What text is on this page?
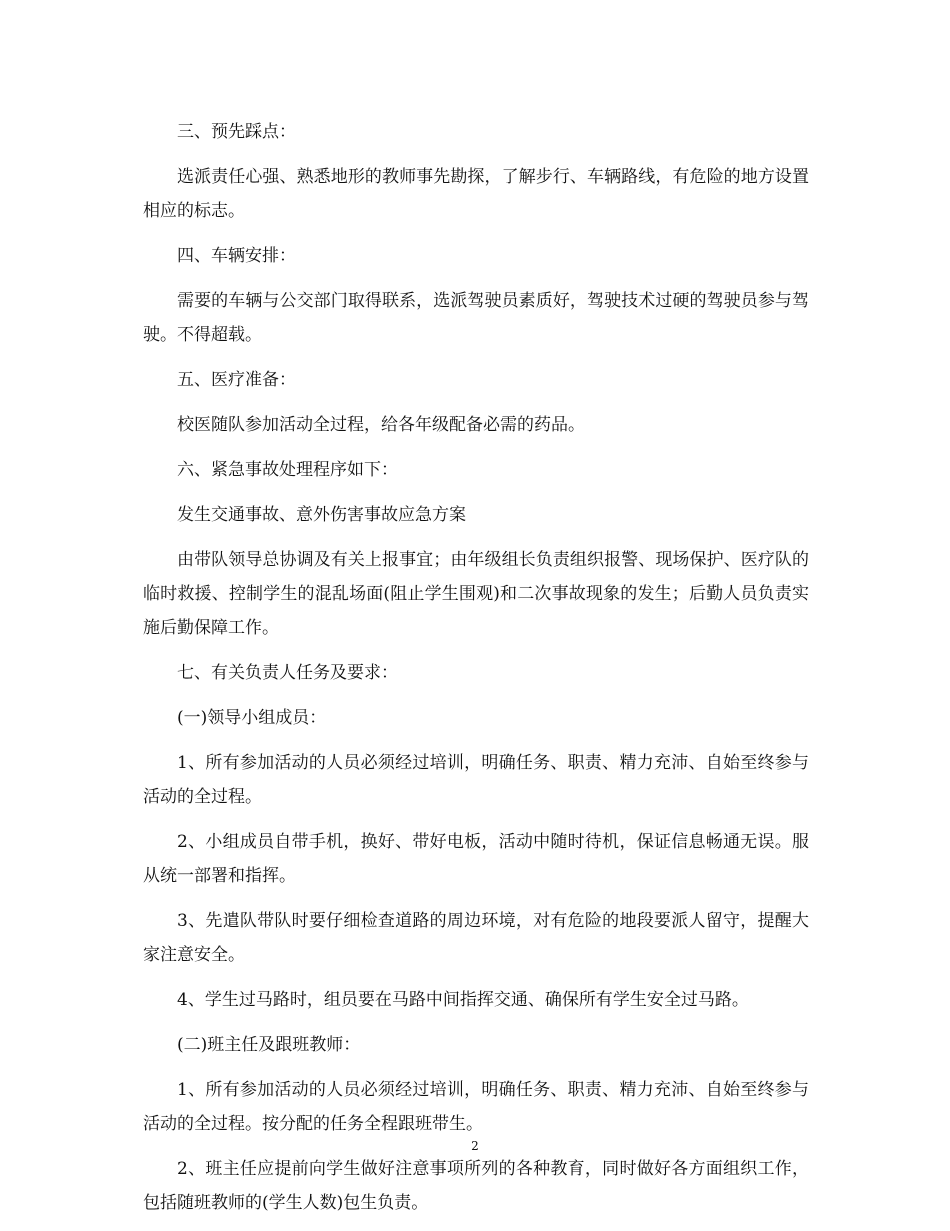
三、预先踩点：

选派责任心强、熟悉地形的教师事先勘探，了解步行、车辆路线，有危险的地方设置相应的标志。

四、车辆安排：

需要的车辆与公交部门取得联系，选派驾驶员素质好，驾驶技术过硬的驾驶员参与驾驶。不得超载。

五、医疗准备：

校医随队参加活动全过程，给各年级配备必需的药品。

六、紧急事故处理程序如下：

发生交通事故、意外伤害事故应急方案

由带队领导总协调及有关上报事宜；由年级组长负责组织报警、现场保护、医疗队的临时救援、控制学生的混乱场面(阻止学生围观)和二次事故现象的发生；后勤人员负责实施后勤保障工作。

七、有关负责人任务及要求：

(一)领导小组成员：

1、所有参加活动的人员必须经过培训，明确任务、职责、精力充沛、自始至终参与活动的全过程。

2、小组成员自带手机，换好、带好电板，活动中随时待机，保证信息畅通无误。服从统一部署和指挥。

3、先遣队带队时要仔细检查道路的周边环境，对有危险的地段要派人留守，提醒大家注意安全。

4、学生过马路时，组员要在马路中间指挥交通、确保所有学生安全过马路。

(二)班主任及跟班教师：

1、所有参加活动的人员必须经过培训，明确任务、职责、精力充沛、自始至终参与活动的全过程。按分配的任务全程跟班带生。

2、班主任应提前向学生做好注意事项所列的各种教育，同时做好各方面组织工作，包括随班教师的(学生人数)包生负责。

2
